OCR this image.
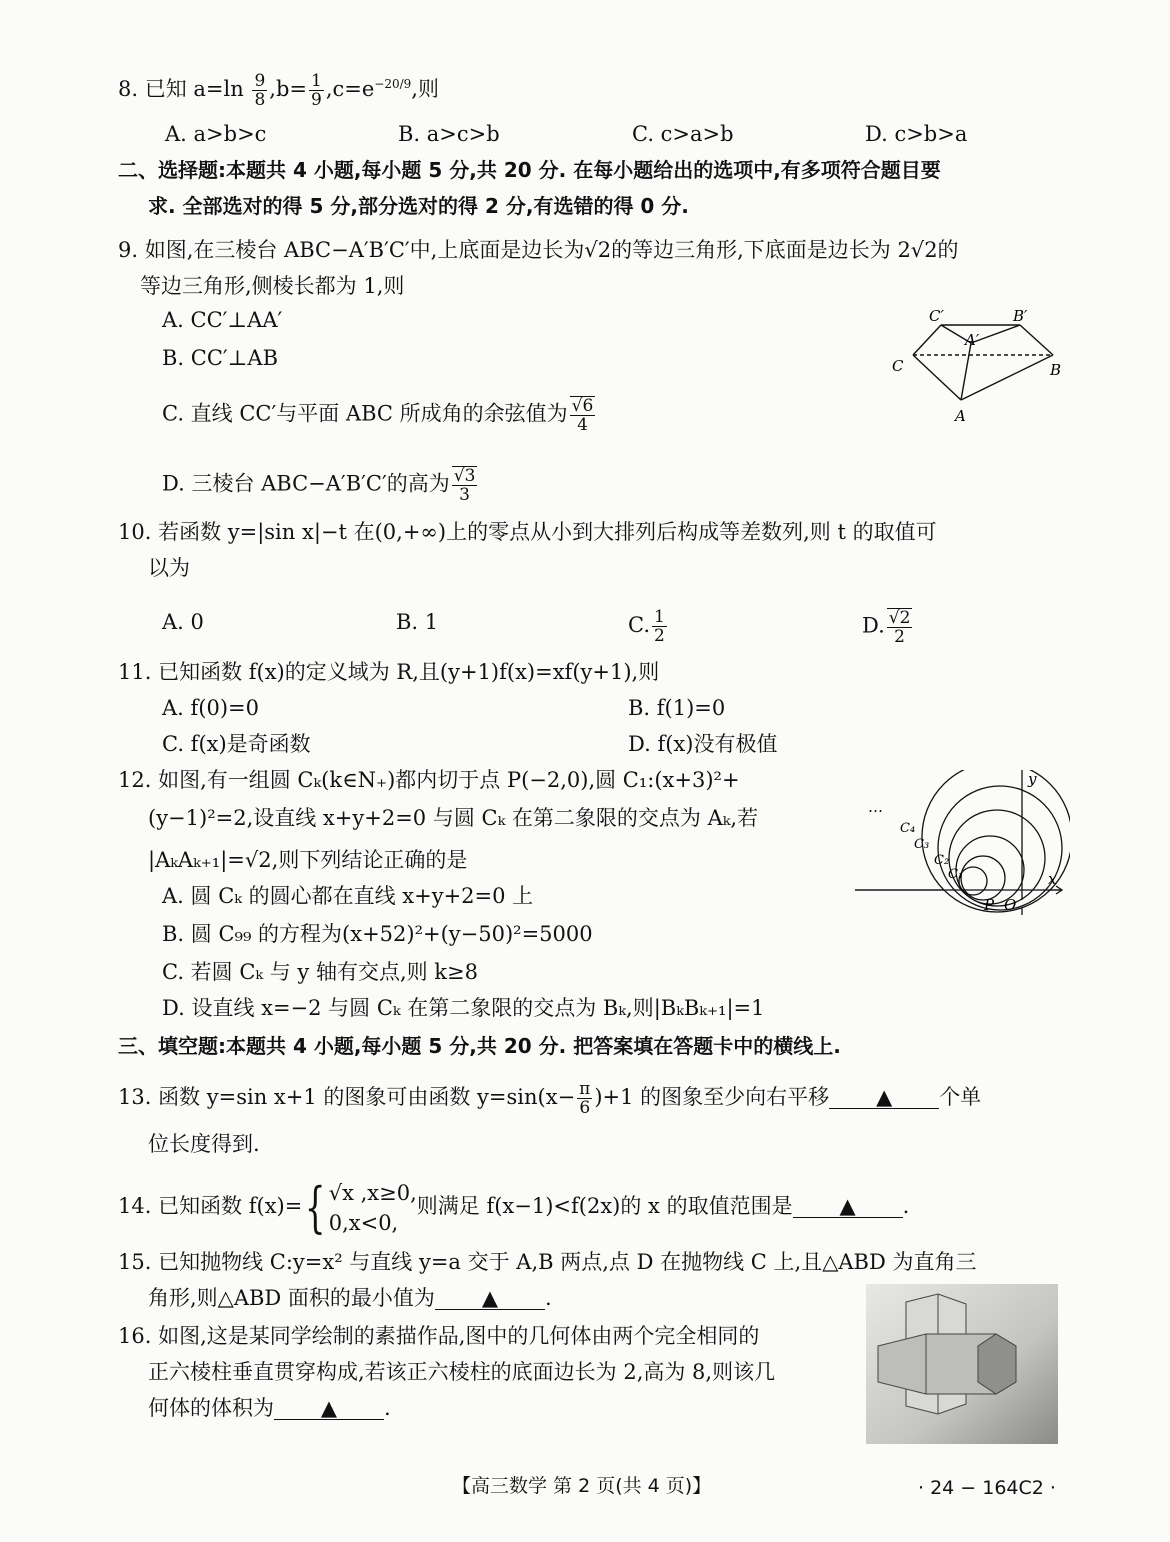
8. 已知 $a=\ln \frac{9}{8} ,b= \frac{1}{9} ,c=e^{-20/9}$,则
A. a>b>c	B. a>c>b	C. c>a>b	D. c>b>a
二、选择题:本题共 4 小题,每小题 5 分,共 20 分. 在每小题给出的选项中,有多项符合题目要
求. 全部选对的得 5 分,部分选对的得 2 分,有选错的得 0 分.
9. 如图,在三棱台 ABC−A′B′C′中,上底面是边长为√2的等边三角形,下底面是边长为 2√2的
等边三角形,侧棱长都为 1,则
A. CC′⊥AA′
B. CC′⊥AB
C. 直线 CC′与平面 ABC 所成角的余弦值为 $\frac{√6}{4}$
D. 三棱台 ABC−A′B′C′的高为 $\frac{√3}{3}$
C′	B′
A′
C	B
A
10. 若函数 y=|sin x|−t 在(0,+∞)上的零点从小到大排列后构成等差数列,则 t 的取值可
以为
A. 0	B. 1	C. $\frac{1}{2}$	D. $\frac{√2}{2}$
11. 已知函数 f(x)的定义域为 R,且(y+1)f(x)=xf(y+1),则
A. f(0)=0	B. f(1)=0
C. f(x)是奇函数	D. f(x)没有极值
12. 如图,有一组圆 Cₖ(k∈N₊)都内切于点 P(−2,0),圆 C₁:(x+3)²+
(y−1)²=2,设直线 x+y+2=0 与圆 Cₖ 在第二象限的交点为 Aₖ,若
|AₖAₖ₊₁|=√2,则下列结论正确的是
A. 圆 Cₖ 的圆心都在直线 x+y+2=0 上
B. 圆 C₉₉ 的方程为(x+52)²+(y−50)²=5000
C. 若圆 Cₖ 与 y 轴有交点,则 k≥8
D. 设直线 x=−2 与圆 Cₖ 在第二象限的交点为 Bₖ,则|BₖBₖ₊₁|=1
…
y
x
P O
C₄
C₃
C₂
C₁
三、填空题:本题共 4 小题,每小题 5 分,共 20 分. 把答案填在答题卡中的横线上.
13. 函数 y=sin x+1 的图象可由函数 $y=\sin(x- \frac{\pi}{6} )+1$ 的图象至少向右平移 ▲ 个单
位长度得到.
14. 已知函数 f(x)={ √x ,x≥0,
0,x<0,
则满足 f(x−1)<f(2x)的 x 的取值范围是 ▲ .
15. 已知抛物线 C:y=x² 与直线 y=a 交于 A,B 两点,点 D 在抛物线 C 上,且△ABD 为直角三
角形,则△ABD 面积的最小值为 ▲ .
16. 如图,这是某同学绘制的素描作品,图中的几何体由两个完全相同的
正六棱柱垂直贯穿构成,若该正六棱柱的底面边长为 2,高为 8,则该几
何体的体积为 ▲ .
【高三数学 第 2 页(共 4 页)】	· 24 − 164C2 ·
